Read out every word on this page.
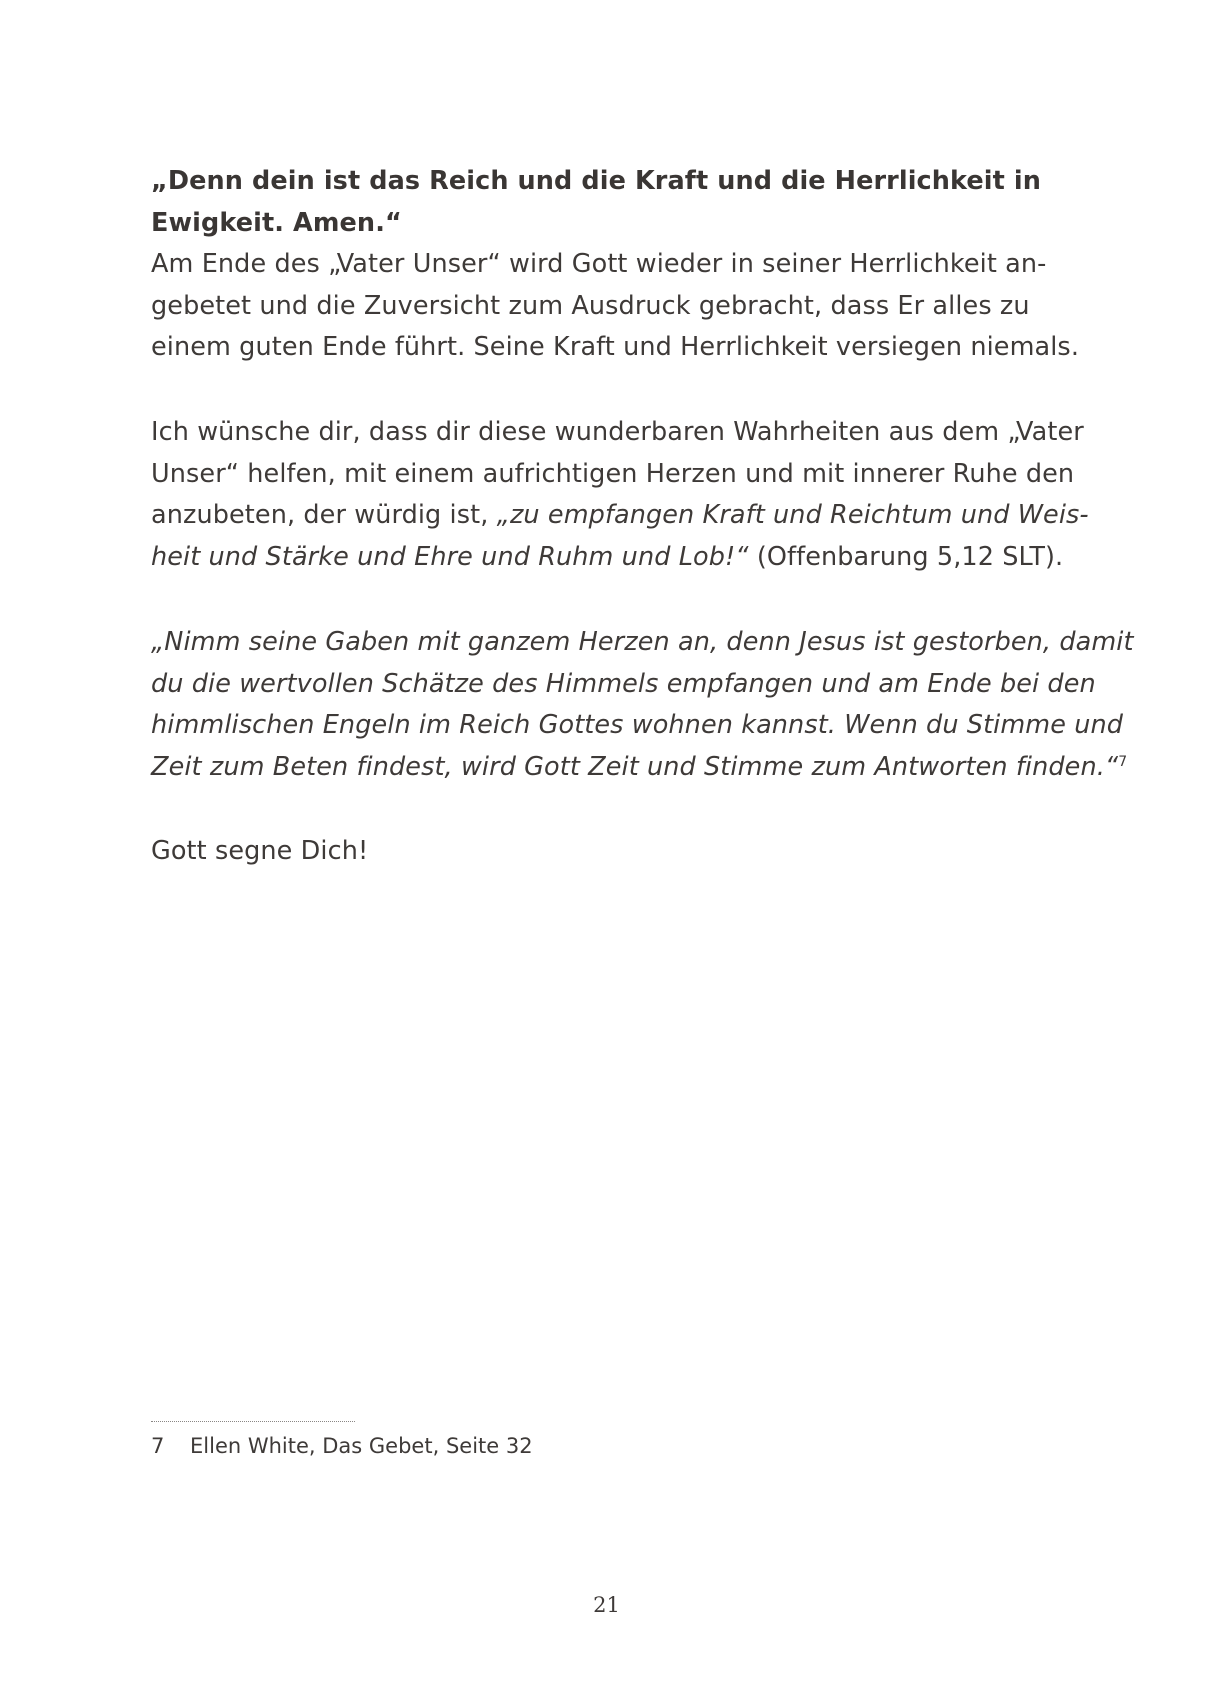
„Denn dein ist das Reich und die Kraft und die Herrlichkeit in
Ewigkeit. Amen.“
Am Ende des „Vater Unser“ wird Gott wieder in seiner Herrlichkeit an-
gebetet und die Zuversicht zum Ausdruck gebracht, dass Er alles zu
einem guten Ende führt. Seine Kraft und Herrlichkeit versiegen niemals.
Ich wünsche dir, dass dir diese wunderbaren Wahrheiten aus dem „Vater
Unser“ helfen, mit einem aufrichtigen Herzen und mit innerer Ruhe den
anzubeten, der würdig ist, „zu empfangen Kraft und Reichtum und Weis-
heit und Stärke und Ehre und Ruhm und Lob!“ (Offenbarung 5,12 SLT).
„Nimm seine Gaben mit ganzem Herzen an, denn Jesus ist gestorben, damit
du die wertvollen Schätze des Himmels empfangen und am Ende bei den
himmlischen Engeln im Reich Gottes wohnen kannst. Wenn du Stimme und
Zeit zum Beten findest, wird Gott Zeit und Stimme zum Antworten finden.“$^7$
Gott segne Dich!
7 Ellen White, Das Gebet, Seite 32
21
